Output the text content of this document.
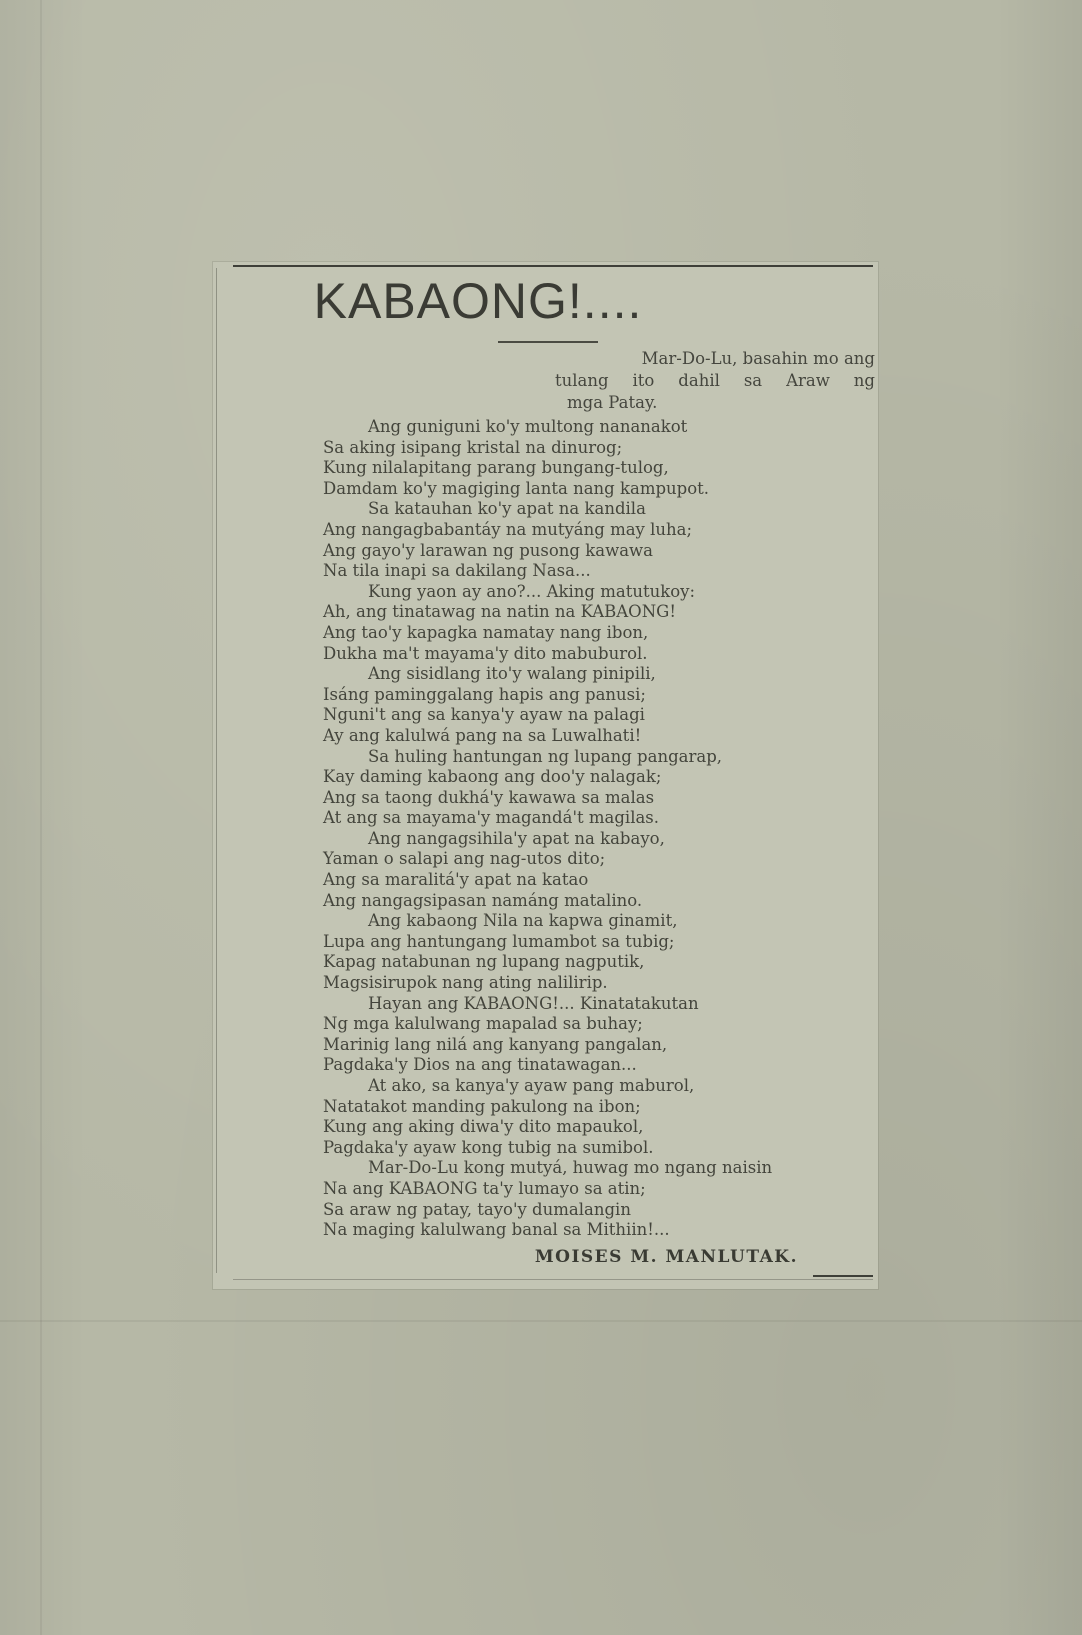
KABAONG!....
Mar-Do-Lu, basahin mo ang
tulang ito dahil sa Araw ng
mga Patay.
Ang guniguni ko'y multong nananakot
Sa aking isipang kristal na dinurog;
Kung nilalapitang parang bungang-tulog,
Damdam ko'y magiging lanta nang kampupot.
Sa katauhan ko'y apat na kandila
Ang nangagbabantáy na mutyáng may luha;
Ang gayo'y larawan ng pusong kawawa
Na tila inapi sa dakilang Nasa...
Kung yaon ay ano?... Aking matutukoy:
Ah, ang tinatawag na natin na KABAONG!
Ang tao'y kapagka namatay nang ibon,
Dukha ma't mayama'y dito mabuburol.
Ang sisidlang ito'y walang pinipili,
Isáng paminggalang hapis ang panusi;
Nguni't ang sa kanya'y ayaw na palagi
Ay ang kalulwá pang na sa Luwalhati!
Sa huling hantungan ng lupang pangarap,
Kay daming kabaong ang doo'y nalagak;
Ang sa taong dukhá'y kawawa sa malas
At ang sa mayama'y magandá't magilas.
Ang nangagsihila'y apat na kabayo,
Yaman o salapi ang nag-utos dito;
Ang sa maralitá'y apat na katao
Ang nangagsipasan namáng matalino.
Ang kabaong Nila na kapwa ginamit,
Lupa ang hantungang lumambot sa tubig;
Kapag natabunan ng lupang nagputik,
Magsisirupok nang ating nalilirip.
Hayan ang KABAONG!... Kinatatakutan
Ng mga kalulwang mapalad sa buhay;
Marinig lang nilá ang kanyang pangalan,
Pagdaka'y Dios na ang tinatawagan...
At ako, sa kanya'y ayaw pang maburol,
Natatakot manding pakulong na ibon;
Kung ang aking diwa'y dito mapaukol,
Pagdaka'y ayaw kong tubig na sumibol.
Mar-Do-Lu kong mutyá, huwag mo ngang naisin
Na ang KABAONG ta'y lumayo sa atin;
Sa araw ng patay, tayo'y dumalangin
Na maging kalulwang banal sa Mithiin!...
MOISES M. MANLUTAK.
